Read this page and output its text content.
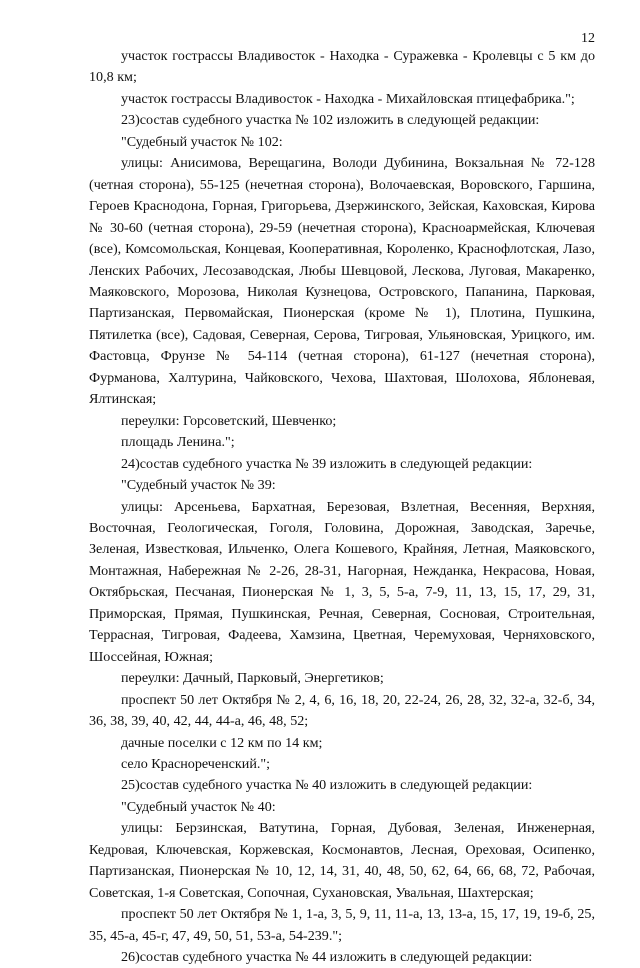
12

участок гострассы Владивосток - Находка - Суражевка - Кролевцы с 5 км до 10,8 км;

участок гострассы Владивосток - Находка - Михайловская птицефабрика.";

23)состав судебного участка № 102 изложить в следующей редакции:

"Судебный участок № 102:

улицы: Анисимова, Верещагина, Володи Дубинина, Вокзальная № 72-128 (четная сторона), 55-125 (нечетная сторона), Волочаевская, Воровского, Гаршина, Героев Краснодона, Горная, Григорьева, Дзержинского, Зейская, Каховская, Кирова № 30-60 (четная сторона), 29-59 (нечетная сторона), Красноармейская, Ключевая (все), Комсомольская, Концевая, Кооперативная, Короленко, Краснофлотская, Лазо, Ленских Рабочих, Лесозаводская, Любы Шевцовой, Лескова, Луговая, Макаренко, Маяковского, Морозова, Николая Кузнецова, Островского, Папанина, Парковая, Партизанская, Первомайская, Пионерская (кроме № 1), Плотина, Пушкина, Пятилетка (все), Садовая, Северная, Серова, Тигровая, Ульяновская, Урицкого, им. Фастовца, Фрунзе № 54-114 (четная сторона), 61-127 (нечетная сторона), Фурманова, Халтурина, Чайковского, Чехова, Шахтовая, Шолохова, Яблоневая, Ялтинская;

переулки: Горсоветский, Шевченко;

площадь Ленина.";

24)состав судебного участка № 39 изложить в следующей редакции:

"Судебный участок № 39:

улицы: Арсеньева, Бархатная, Березовая, Взлетная, Весенняя, Верхняя, Восточная, Геологическая, Гоголя, Головина, Дорожная, Заводская, Заречье, Зеленая, Известковая, Ильченко, Олега Кошевого, Крайняя, Летная, Маяковского, Монтажная, Набережная № 2-26, 28-31, Нагорная, Нежданка, Некрасова, Новая, Октябрьская, Песчаная, Пионерская № 1, 3, 5, 5-а, 7-9, 11, 13, 15, 17, 29, 31, Приморская, Прямая, Пушкинская, Речная, Северная, Сосновая, Строительная, Террасная, Тигровая, Фадеева, Хамзина, Цветная, Черемуховая, Черняховского, Шоссейная, Южная;

переулки: Дачный, Парковый, Энергетиков;

проспект 50 лет Октября № 2, 4, 6, 16, 18, 20, 22-24, 26, 28, 32, 32-а, 32-б, 34, 36, 38, 39, 40, 42, 44, 44-а, 46, 48, 52;

дачные поселки с 12 км по 14 км;

село Краснореченский.";

25)состав судебного участка № 40 изложить в следующей редакции:

"Судебный участок № 40:

улицы: Берзинская, Ватутина, Горная, Дубовая, Зеленая, Инженерная, Кедровая, Ключевская, Коржевская, Космонавтов, Лесная, Ореховая, Осипенко, Партизанская, Пионерская № 10, 12, 14, 31, 40, 48, 50, 62, 64, 66, 68, 72, Рабочая, Советская, 1-я Советская, Сопочная, Сухановская, Увальная, Шахтерская;

проспект 50 лет Октября № 1, 1-а, 3, 5, 9, 11, 11-а, 13, 13-а, 15, 17, 19, 19-б, 25, 35, 45-а, 45-г, 47, 49, 50, 51, 53-а, 54-239.";

26)состав судебного участка № 44 изложить в следующей редакции:
